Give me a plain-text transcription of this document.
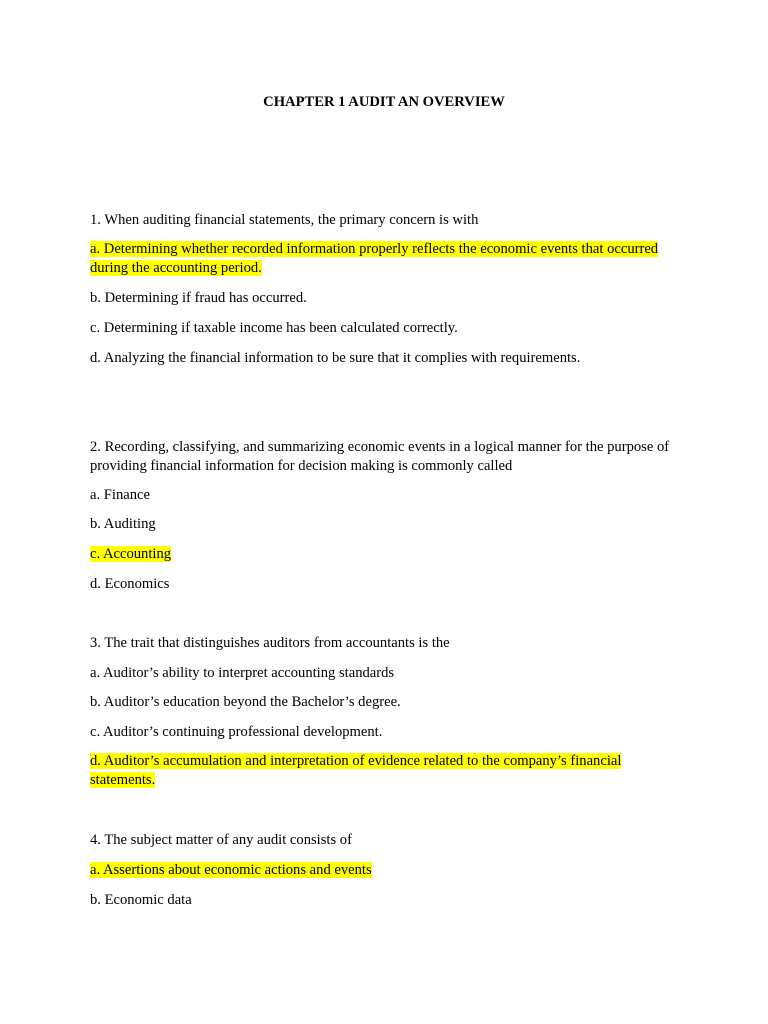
CHAPTER 1 AUDIT AN OVERVIEW
1. When auditing financial statements, the primary concern is with
a. Determining whether recorded information properly reflects the economic events that occurred during the accounting period.
b. Determining if fraud has occurred.
c. Determining if taxable income has been calculated correctly.
d. Analyzing the financial information to be sure that it complies with requirements.
2. Recording, classifying, and summarizing economic events in a logical manner for the purpose of providing financial information for decision making is commonly called
a. Finance
b. Auditing
c. Accounting
d. Economics
3. The trait that distinguishes auditors from accountants is the
a. Auditor’s ability to interpret accounting standards
b. Auditor’s education beyond the Bachelor’s degree.
c. Auditor’s continuing professional development.
d. Auditor’s accumulation and interpretation of evidence related to the company’s financial statements.
4. The subject matter of any audit consists of
a. Assertions about economic actions and events
b. Economic data
